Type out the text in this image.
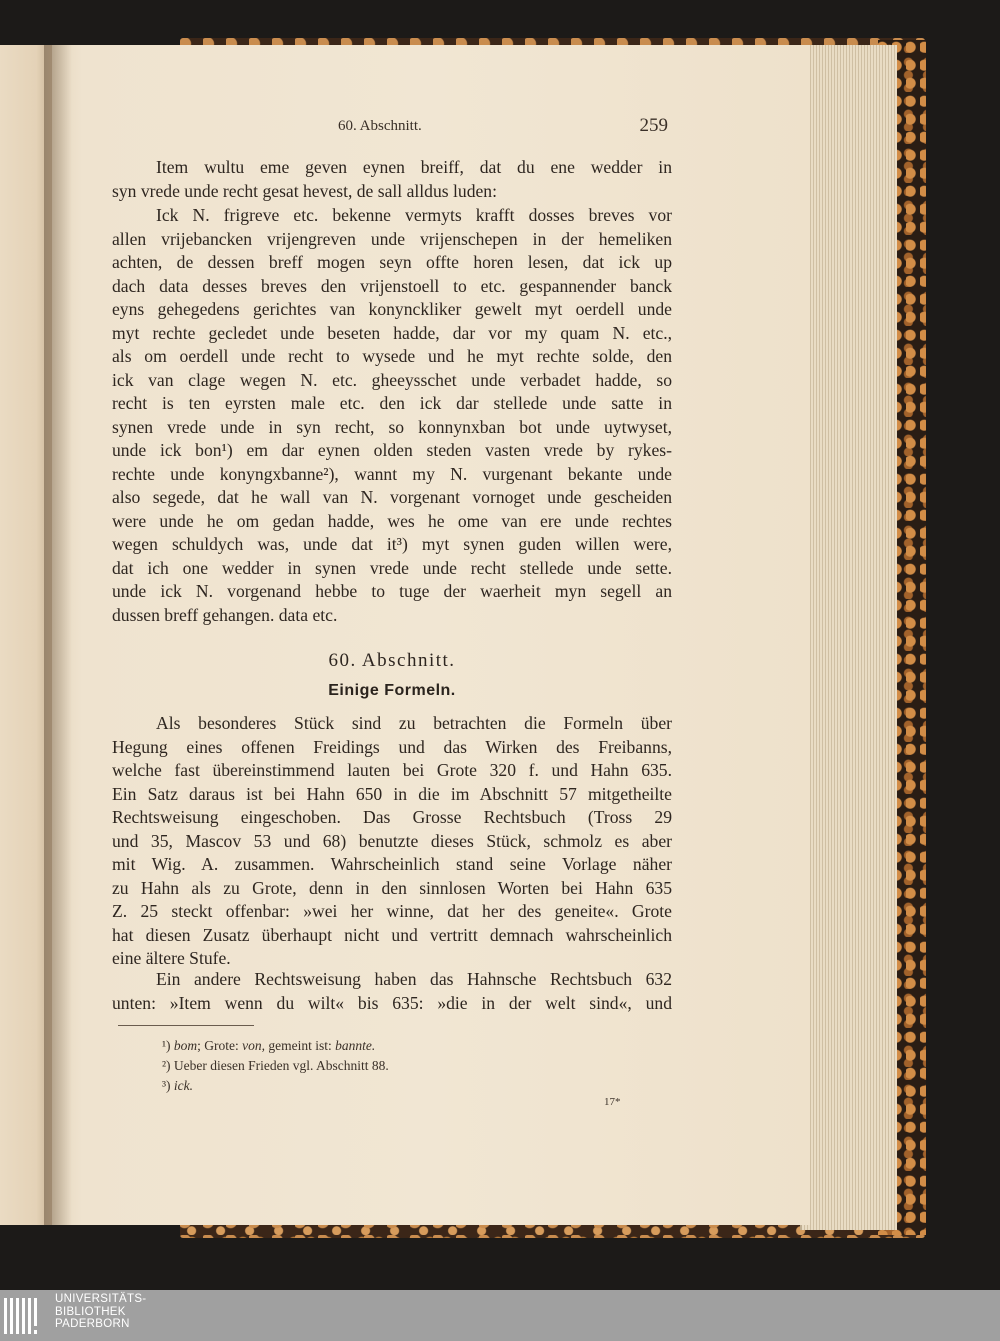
60. Abschnitt.	259
Item wultu eme geven eynen breiff, dat du ene wedder in
syn vrede unde recht gesat hevest, de sall alldus luden:
Ick N. frigreve etc. bekenne vermyts krafft dosses breves vor
allen vrijebancken vrijengreven unde vrijenschepen in der hemeliken
achten, de dessen breff mogen seyn offte horen lesen, dat ick up
dach data desses breves den vrijenstoell to etc. gespannender banck
eyns gehegedens gerichtes van konynckliker gewelt myt oerdell unde
myt rechte gecledet unde beseten hadde, dar vor my quam N. etc.,
als om oerdell unde recht to wysede und he myt rechte solde, den
ick van clage wegen N. etc. gheeysschet unde verbadet hadde, so
recht is ten eyrsten male etc. den ick dar stellede unde satte in
synen vrede unde in syn recht, so konnynxban bot unde uytwyset,
unde ick bon¹) em dar eynen olden steden vasten vrede by rykes-
rechte unde konyngxbanne²), wannt my N. vurgenant bekante unde
also segede, dat he wall van N. vorgenant vornoget unde gescheiden
were unde he om gedan hadde, wes he ome van ere unde rechtes
wegen schuldych was, unde dat it³) myt synen guden willen were,
dat ich one wedder in synen vrede unde recht stellede unde sette.
unde ick N. vorgenand hebbe to tuge der waerheit myn segell an
dussen breff gehangen. data etc.
60. Abschnitt.
Einige Formeln.
Als besonderes Stück sind zu betrachten die Formeln über
Hegung eines offenen Freidings und das Wirken des Freibanns,
welche fast übereinstimmend lauten bei Grote 320 f. und Hahn 635.
Ein Satz daraus ist bei Hahn 650 in die im Abschnitt 57 mitgetheilte
Rechtsweisung eingeschoben. Das Grosse Rechtsbuch (Tross 29
und 35, Mascov 53 und 68) benutzte dieses Stück, schmolz es aber
mit Wig. A. zusammen. Wahrscheinlich stand seine Vorlage näher
zu Hahn als zu Grote, denn in den sinnlosen Worten bei Hahn 635
Z. 25 steckt offenbar: »wei her winne, dat her des geneite«. Grote
hat diesen Zusatz überhaupt nicht und vertritt demnach wahrscheinlich
eine ältere Stufe.
Ein andere Rechtsweisung haben das Hahnsche Rechtsbuch 632
unten: »Item wenn du wilt« bis 635: »die in der welt sind«, und
¹) bom; Grote: von, gemeint ist: bannte.
²) Ueber diesen Frieden vgl. Abschnitt 88.
³) ick.
17*
UNIVERSITÄTS-
BIBLIOTHEK
PADERBORN
